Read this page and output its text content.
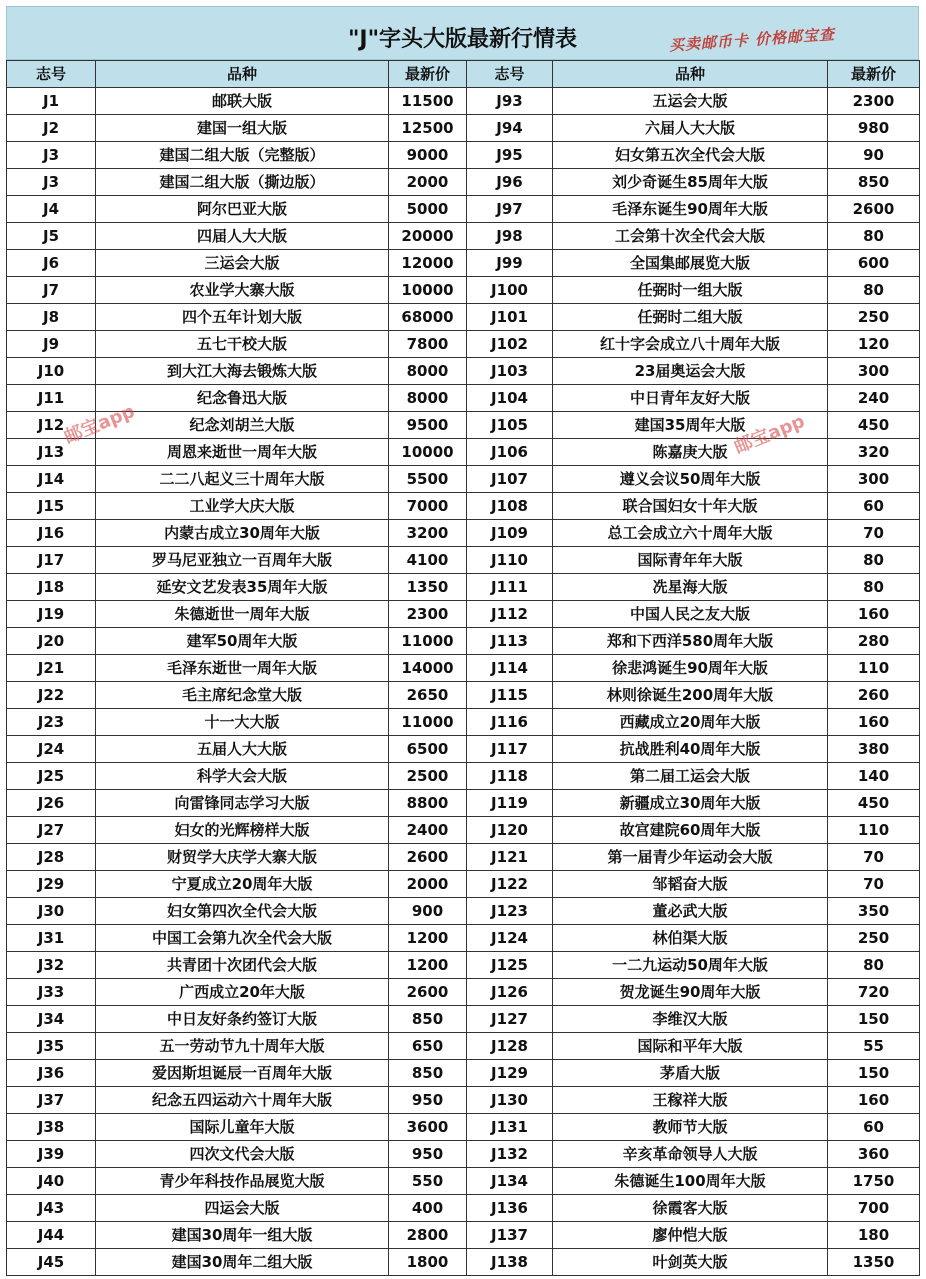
"J"字头大版最新行情表	买卖邮币卡 价格邮宝查
志号	品种	最新价	志号	品种	最新价
J1	邮联大版	11500	J93	五运会大版	2300
J2	建国一组大版	12500	J94	六届人大大版	980
J3	建国二组大版（完整版）	9000	J95	妇女第五次全代会大版	90
J3	建国二组大版（撕边版）	2000	J96	刘少奇诞生85周年大版	850
J4	阿尔巴亚大版	5000	J97	毛泽东诞生90周年大版	2600
J5	四届人大大版	20000	J98	工会第十次全代会大版	80
J6	三运会大版	12000	J99	全国集邮展览大版	600
J7	农业学大寨大版	10000	J100	任弼时一组大版	80
J8	四个五年计划大版	68000	J101	任弼时二组大版	250
J9	五七干校大版	7800	J102	红十字会成立八十周年大版	120
J10	到大江大海去锻炼大版	8000	J103	23届奥运会大版	300
J11	纪念鲁迅大版	8000	J104	中日青年友好大版	240
J12	纪念刘胡兰大版	9500	J105	建国35周年大版	450
J13	周恩来逝世一周年大版	10000	J106	陈嘉庚大版	320
J14	二二八起义三十周年大版	5500	J107	遵义会议50周年大版	300
J15	工业学大庆大版	7000	J108	联合国妇女十年大版	60
J16	内蒙古成立30周年大版	3200	J109	总工会成立六十周年大版	70
J17	罗马尼亚独立一百周年大版	4100	J110	国际青年年大版	80
J18	延安文艺发表35周年大版	1350	J111	冼星海大版	80
J19	朱德逝世一周年大版	2300	J112	中国人民之友大版	160
J20	建军50周年大版	11000	J113	郑和下西洋580周年大版	280
J21	毛泽东逝世一周年大版	14000	J114	徐悲鸿诞生90周年大版	110
J22	毛主席纪念堂大版	2650	J115	林则徐诞生200周年大版	260
J23	十一大大版	11000	J116	西藏成立20周年大版	160
J24	五届人大大版	6500	J117	抗战胜利40周年大版	380
J25	科学大会大版	2500	J118	第二届工运会大版	140
J26	向雷锋同志学习大版	8800	J119	新疆成立30周年大版	450
J27	妇女的光辉榜样大版	2400	J120	故宫建院60周年大版	110
J28	财贸学大庆学大寨大版	2600	J121	第一届青少年运动会大版	70
J29	宁夏成立20周年大版	2000	J122	邹韬奋大版	70
J30	妇女第四次全代会大版	900	J123	董必武大版	350
J31	中国工会第九次全代会大版	1200	J124	林伯渠大版	250
J32	共青团十次团代会大版	1200	J125	一二九运动50周年大版	80
J33	广西成立20年大版	2600	J126	贺龙诞生90周年大版	720
J34	中日友好条约签订大版	850	J127	李维汉大版	150
J35	五一劳动节九十周年大版	650	J128	国际和平年大版	55
J36	爱因斯坦诞辰一百周年大版	850	J129	茅盾大版	150
J37	纪念五四运动六十周年大版	950	J130	王稼祥大版	160
J38	国际儿童年大版	3600	J131	教师节大版	60
J39	四次文代会大版	950	J132	辛亥革命领导人大版	360
J40	青少年科技作品展览大版	550	J134	朱德诞生100周年大版	1750
J43	四运会大版	400	J136	徐霞客大版	700
J44	建国30周年一组大版	2800	J137	廖仲恺大版	180
J45	建国30周年二组大版	1800	J138	叶剑英大版	1350
邮宝app	邮宝app
